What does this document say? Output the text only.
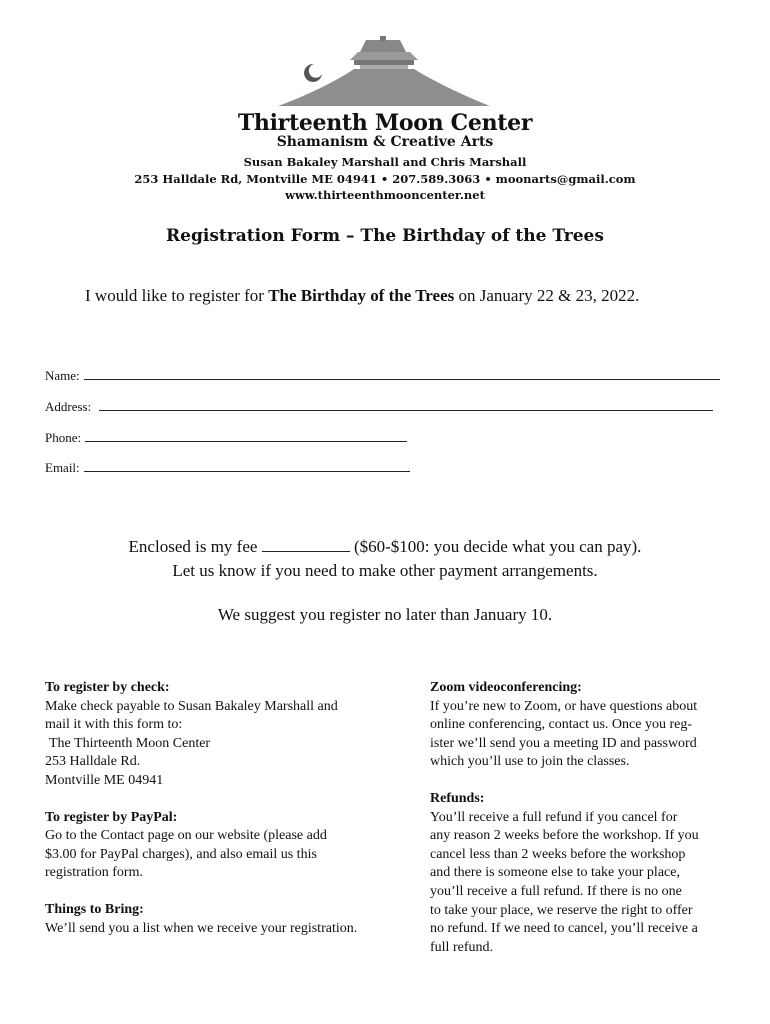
Thirteenth Moon Center
Shamanism & Creative Arts
Susan Bakaley Marshall and Chris Marshall
253 Halldale Rd, Montville ME 04941 • 207.589.3063 • moonarts@gmail.com
www.thirteenthmooncenter.net
Registration Form – The Birthday of the Trees
I would like to register for The Birthday of the Trees on January 22 & 23, 2022.
Name:
Address:
Phone:
Email:
Enclosed is my fee	($60-$100: you decide what you can pay).
Let us know if you need to make other payment arrangements.
We suggest you register no later than January 10.

To register by check:

Make check payable to Susan Bakaley Marshall and

mail it with this form to:

The Thirteenth Moon Center

253 Halldale Rd.

Montville ME 04941

To register by PayPal:

Go to the Contact page on our website (please add

$3.00 for PayPal charges), and also email us this

registration form.

Things to Bring:

We’ll send you a list when we receive your registration.

Zoom videoconferencing:

If you’re new to Zoom, or have questions about

online conferencing, contact us. Once you reg-

ister we’ll send you a meeting ID and password

which you’ll use to join the classes.

Refunds:

You’ll receive a full refund if you cancel for

any reason 2 weeks before the workshop. If you

cancel less than 2 weeks before the workshop

and there is someone else to take your place,

you’ll receive a full refund. If there is no one

to take your place, we reserve the right to offer

no refund. If we need to cancel, you’ll receive a

full refund.
